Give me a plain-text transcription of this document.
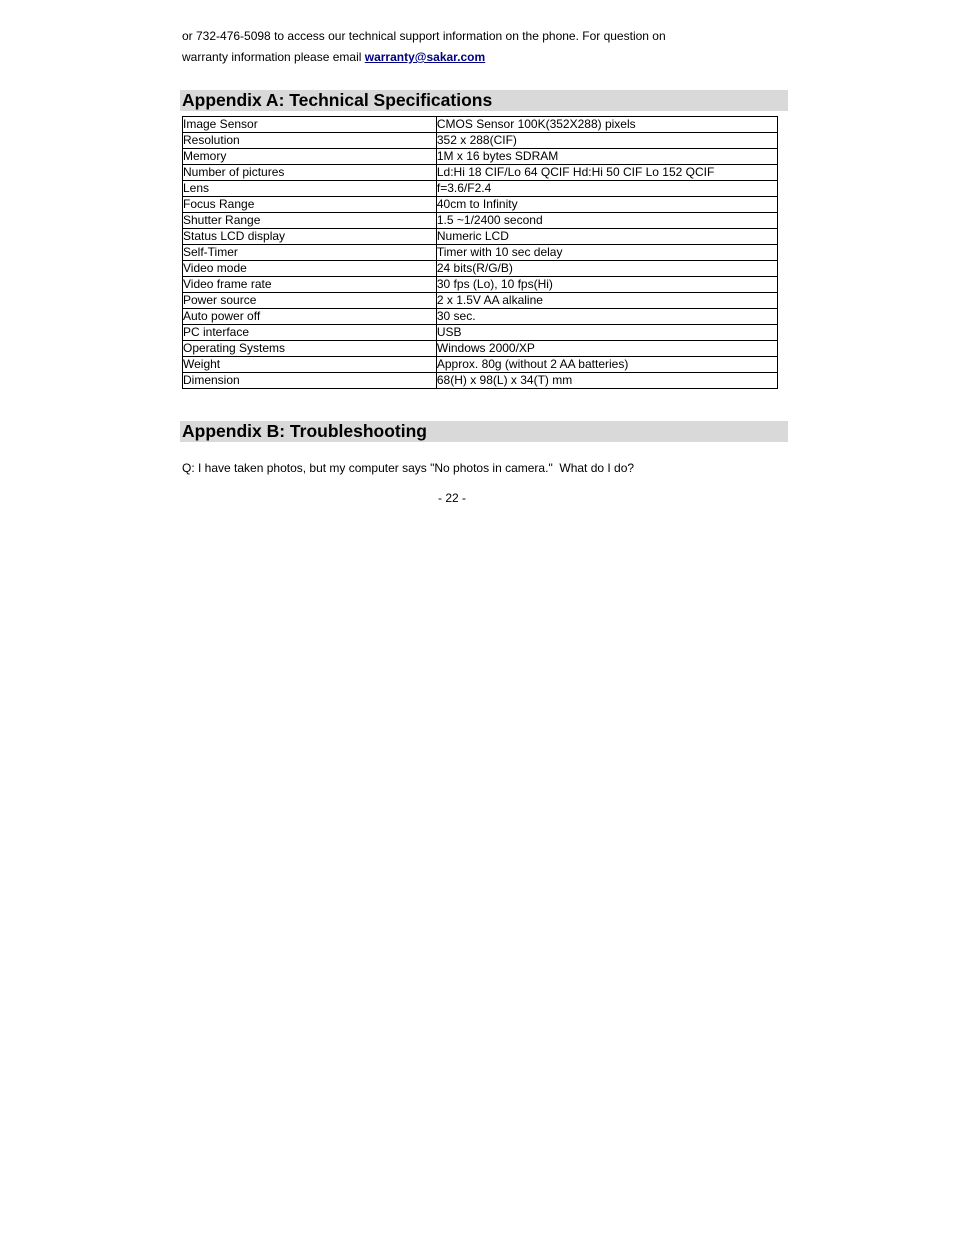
or 732-476-5098 to access our technical support information on the phone. For question on
warranty information please email warranty@sakar.com
Appendix A: Technical Specifications
Image Sensor	CMOS Sensor 100K(352X288) pixels
Resolution	352 x 288(CIF)
Memory	1M x 16 bytes SDRAM
Number of pictures	Ld:Hi 18 CIF/Lo 64 QCIF Hd:Hi 50 CIF Lo 152 QCIF
Lens	f=3.6/F2.4
Focus Range	40cm to Infinity
Shutter Range	1.5 ~1/2400 second
Status LCD display	Numeric LCD
Self-Timer	Timer with 10 sec delay
Video mode	24 bits(R/G/B)
Video frame rate	30 fps (Lo), 10 fps(Hi)
Power source	2 x 1.5V AA alkaline
Auto power off	30 sec.
PC interface	USB
Operating Systems	Windows 2000/XP
Weight	Approx. 80g (without 2 AA batteries)
Dimension	68(H) x 98(L) x 34(T) mm
Appendix B: Troubleshooting
Q: I have taken photos, but my computer says "No photos in camera."  What do I do?
- 22 -
